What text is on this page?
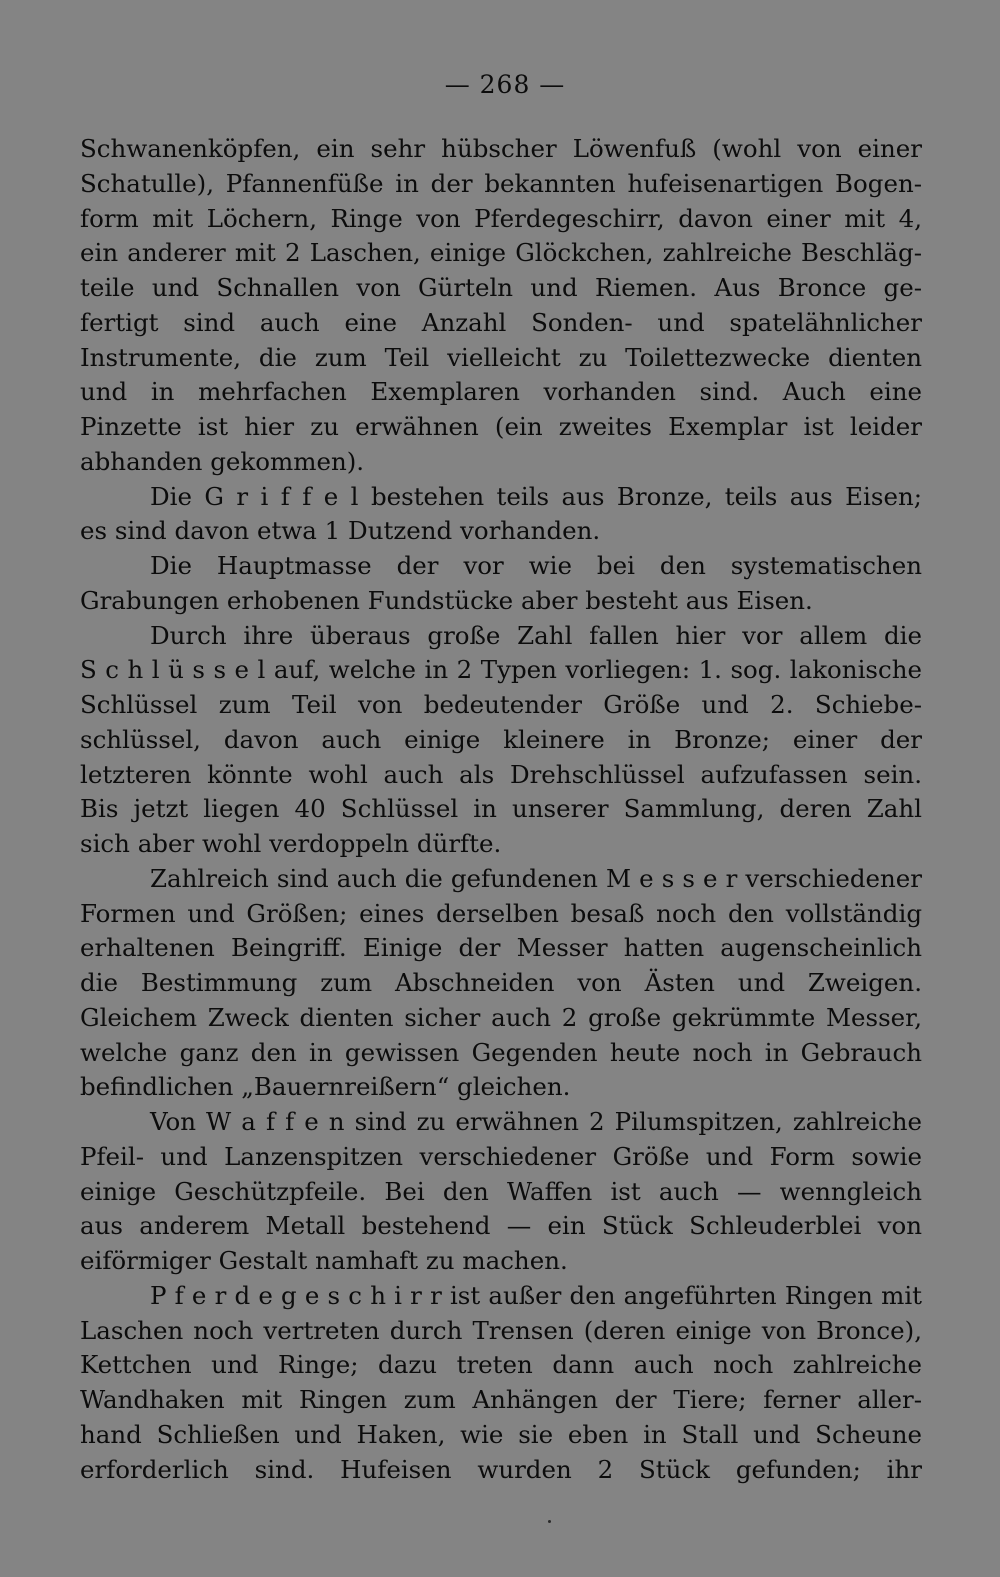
— 268 —
Schwanenköpfen, ein sehr hübscher Löwenfuß (wohl von einer
Schatulle), Pfannenfüße in der bekannten hufeisenartigen Bogen-
form mit Löchern, Ringe von Pferdegeschirr, davon einer mit 4,
ein anderer mit 2 Laschen, einige Glöckchen, zahlreiche Beschläg-
teile und Schnallen von Gürteln und Riemen. Aus Bronce ge-
fertigt sind auch eine Anzahl Sonden- und spatelähnlicher
Instrumente, die zum Teil vielleicht zu Toilettezwecke dienten
und in mehrfachen Exemplaren vorhanden sind. Auch eine
Pinzette ist hier zu erwähnen (ein zweites Exemplar ist leider
abhanden gekommen).
Die G r i f f e l bestehen teils aus Bronze, teils aus Eisen;
es sind davon etwa 1 Dutzend vorhanden.
Die Hauptmasse der vor wie bei den systematischen
Grabungen erhobenen Fundstücke aber besteht aus Eisen.
Durch ihre überaus große Zahl fallen hier vor allem die
S c h l ü s s e l auf, welche in 2 Typen vorliegen: 1. sog. lakonische
Schlüssel zum Teil von bedeutender Größe und 2. Schiebe-
schlüssel, davon auch einige kleinere in Bronze; einer der
letzteren könnte wohl auch als Drehschlüssel aufzufassen sein.
Bis jetzt liegen 40 Schlüssel in unserer Sammlung, deren Zahl
sich aber wohl verdoppeln dürfte.
Zahlreich sind auch die gefundenen M e s s e r verschiedener
Formen und Größen; eines derselben besaß noch den vollständig
erhaltenen Beingriff. Einige der Messer hatten augenscheinlich
die Bestimmung zum Abschneiden von Ästen und Zweigen.
Gleichem Zweck dienten sicher auch 2 große gekrümmte Messer,
welche ganz den in gewissen Gegenden heute noch in Gebrauch
befindlichen „Bauernreißern“ gleichen.
Von W a f f e n sind zu erwähnen 2 Pilumspitzen, zahlreiche
Pfeil- und Lanzenspitzen verschiedener Größe und Form sowie
einige Geschützpfeile. Bei den Waffen ist auch — wenngleich
aus anderem Metall bestehend — ein Stück Schleuderblei von
eiförmiger Gestalt namhaft zu machen.
P f e r d e g e s c h i r r ist außer den angeführten Ringen mit
Laschen noch vertreten durch Trensen (deren einige von Bronce),
Kettchen und Ringe; dazu treten dann auch noch zahlreiche
Wandhaken mit Ringen zum Anhängen der Tiere; ferner aller-
hand Schließen und Haken, wie sie eben in Stall und Scheune
erforderlich sind. Hufeisen wurden 2 Stück gefunden; ihr
